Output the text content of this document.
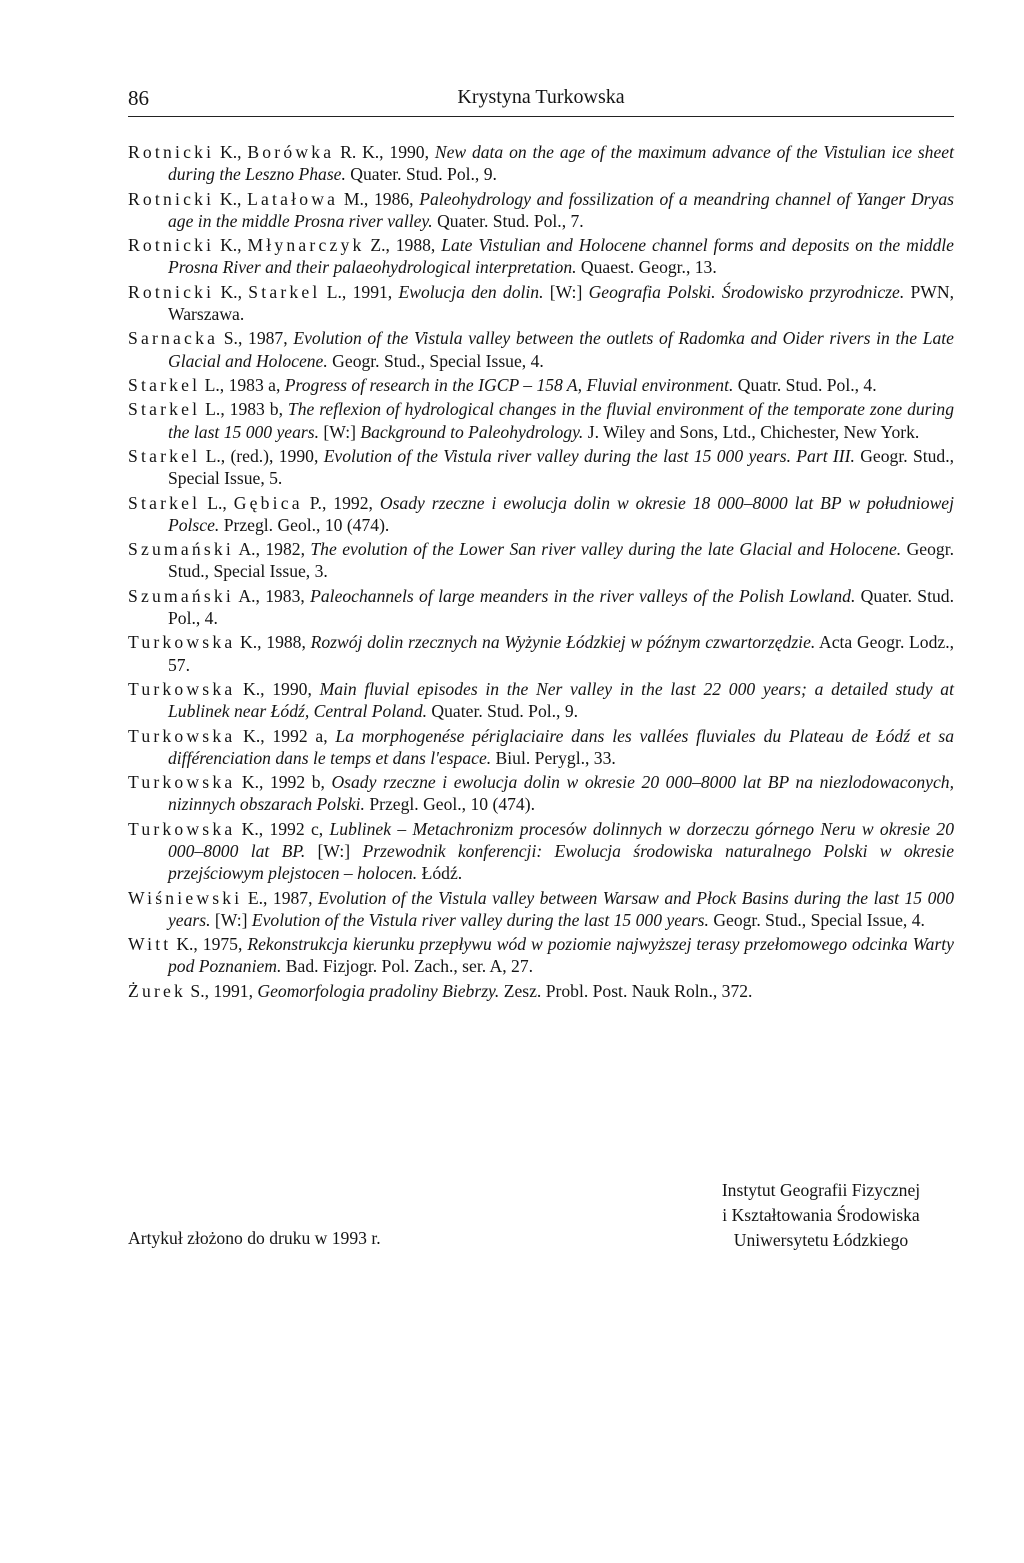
86	Krystyna Turkowska
Rotnicki K., Borówka R. K., 1990, New data on the age of the maximum advance of the Vistulian ice sheet during the Leszno Phase. Quater. Stud. Pol., 9.
Rotnicki K., Latałowa M., 1986, Paleohydrology and fossilization of a meandring channel of Yanger Dryas age in the middle Prosna river valley. Quater. Stud. Pol., 7.
Rotnicki K., Młynarczyk Z., 1988, Late Vistulian and Holocene channel forms and deposits on the middle Prosna River and their palaeohydrological interpretation. Quaest. Geogr., 13.
Rotnicki K., Starkel L., 1991, Ewolucja den dolin. [W:] Geografia Polski. Środowisko przyrodnicze. PWN, Warszawa.
Sarnacka S., 1987, Evolution of the Vistula valley between the outlets of Radomka and Oider rivers in the Late Glacial and Holocene. Geogr. Stud., Special Issue, 4.
Starkel L., 1983 a, Progress of research in the IGCP – 158 A, Fluvial environment. Quatr. Stud. Pol., 4.
Starkel L., 1983 b, The reflexion of hydrological changes in the fluvial environment of the temporate zone during the last 15 000 years. [W:] Background to Paleohydrology. J. Wiley and Sons, Ltd., Chichester, New York.
Starkel L., (red.), 1990, Evolution of the Vistula river valley during the last 15 000 years. Part III. Geogr. Stud., Special Issue, 5.
Starkel L., Gębica P., 1992, Osady rzeczne i ewolucja dolin w okresie 18 000–8000 lat BP w południowej Polsce. Przegl. Geol., 10 (474).
Szumański A., 1982, The evolution of the Lower San river valley during the late Glacial and Holocene. Geogr. Stud., Special Issue, 3.
Szumański A., 1983, Paleochannels of large meanders in the river valleys of the Polish Lowland. Quater. Stud. Pol., 4.
Turkowska K., 1988, Rozwój dolin rzecznych na Wyżynie Łódzkiej w późnym czwartorzędzie. Acta Geogr. Lodz., 57.
Turkowska K., 1990, Main fluvial episodes in the Ner valley in the last 22 000 years; a detailed study at Lublinek near Łódź, Central Poland. Quater. Stud. Pol., 9.
Turkowska K., 1992 a, La morphogenése périglaciaire dans les vallées fluviales du Plateau de Łódź et sa différenciation dans le temps et dans l'espace. Biul. Perygl., 33.
Turkowska K., 1992 b, Osady rzeczne i ewolucja dolin w okresie 20 000–8000 lat BP na niezlodowaconych, nizinnych obszarach Polski. Przegl. Geol., 10 (474).
Turkowska K., 1992 c, Lublinek – Metachronizm procesów dolinnych w dorzeczu górnego Neru w okresie 20 000–8000 lat BP. [W:] Przewodnik konferencji: Ewolucja środowiska naturalnego Polski w okresie przejściowym plejstocen – holocen. Łódź.
Wiśniewski E., 1987, Evolution of the Vistula valley between Warsaw and Płock Basins during the last 15 000 years. [W:] Evolution of the Vistula river valley during the last 15 000 years. Geogr. Stud., Special Issue, 4.
Witt K., 1975, Rekonstrukcja kierunku przepływu wód w poziomie najwyższej terasy przełomowego odcinka Warty pod Poznaniem. Bad. Fizjogr. Pol. Zach., ser. A, 27.
Żurek S., 1991, Geomorfologia pradoliny Biebrzy. Zesz. Probl. Post. Nauk Roln., 372.
Instytut Geografii Fizycznej
i Kształtowania Środowiska
Uniwersytetu Łódzkiego
Artykuł złożono do druku w 1993 r.
